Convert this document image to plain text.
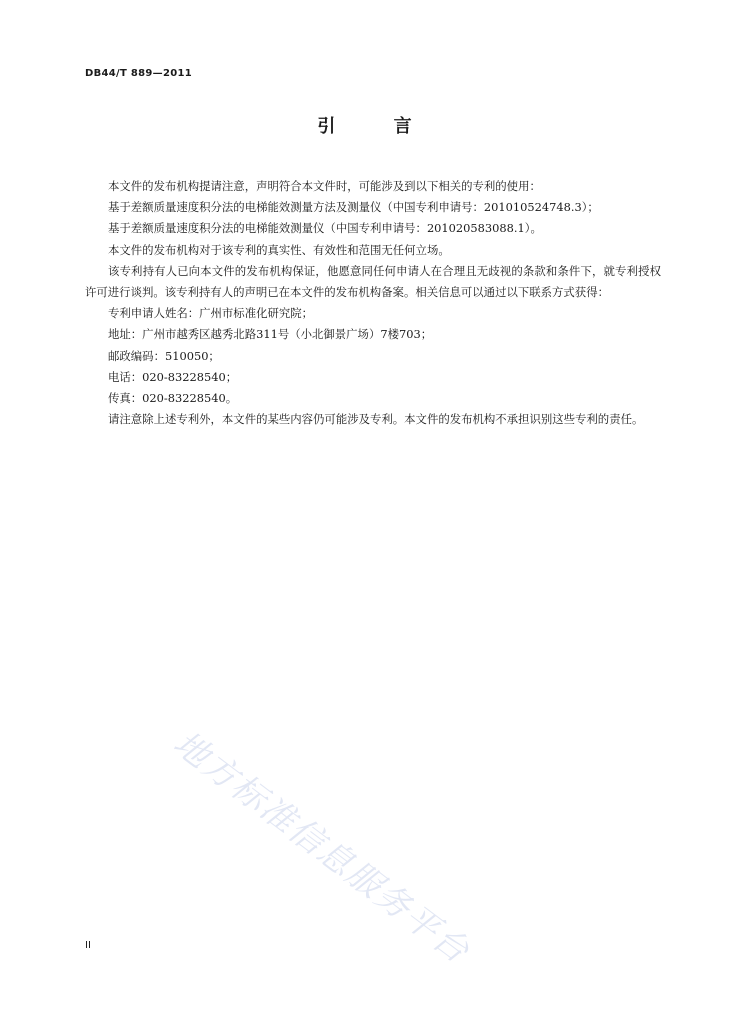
DB44/T 889—2011
引 言

本文件的发布机构提请注意，声明符合本文件时，可能涉及到以下相关的专利的使用：

基于差额质量速度积分法的电梯能效测量方法及测量仪（中国专利申请号：201010524748.3）；

基于差额质量速度积分法的电梯能效测量仪（中国专利申请号：201020583088.1）。

本文件的发布机构对于该专利的真实性、有效性和范围无任何立场。

该专利持有人已向本文件的发布机构保证，他愿意同任何申请人在合理且无歧视的条款和条件下，就专利授权许可进行谈判。该专利持有人的声明已在本文件的发布机构备案。相关信息可以通过以下联系方式获得：

专利申请人姓名：广州市标准化研究院；

地址：广州市越秀区越秀北路311号（小北御景广场）7楼703；

邮政编码：510050；

电话：020-83228540；

传真：020-83228540。

请注意除上述专利外，本文件的某些内容仍可能涉及专利。本文件的发布机构不承担识别这些专利的责任。

地方标准信息服务平台
II
